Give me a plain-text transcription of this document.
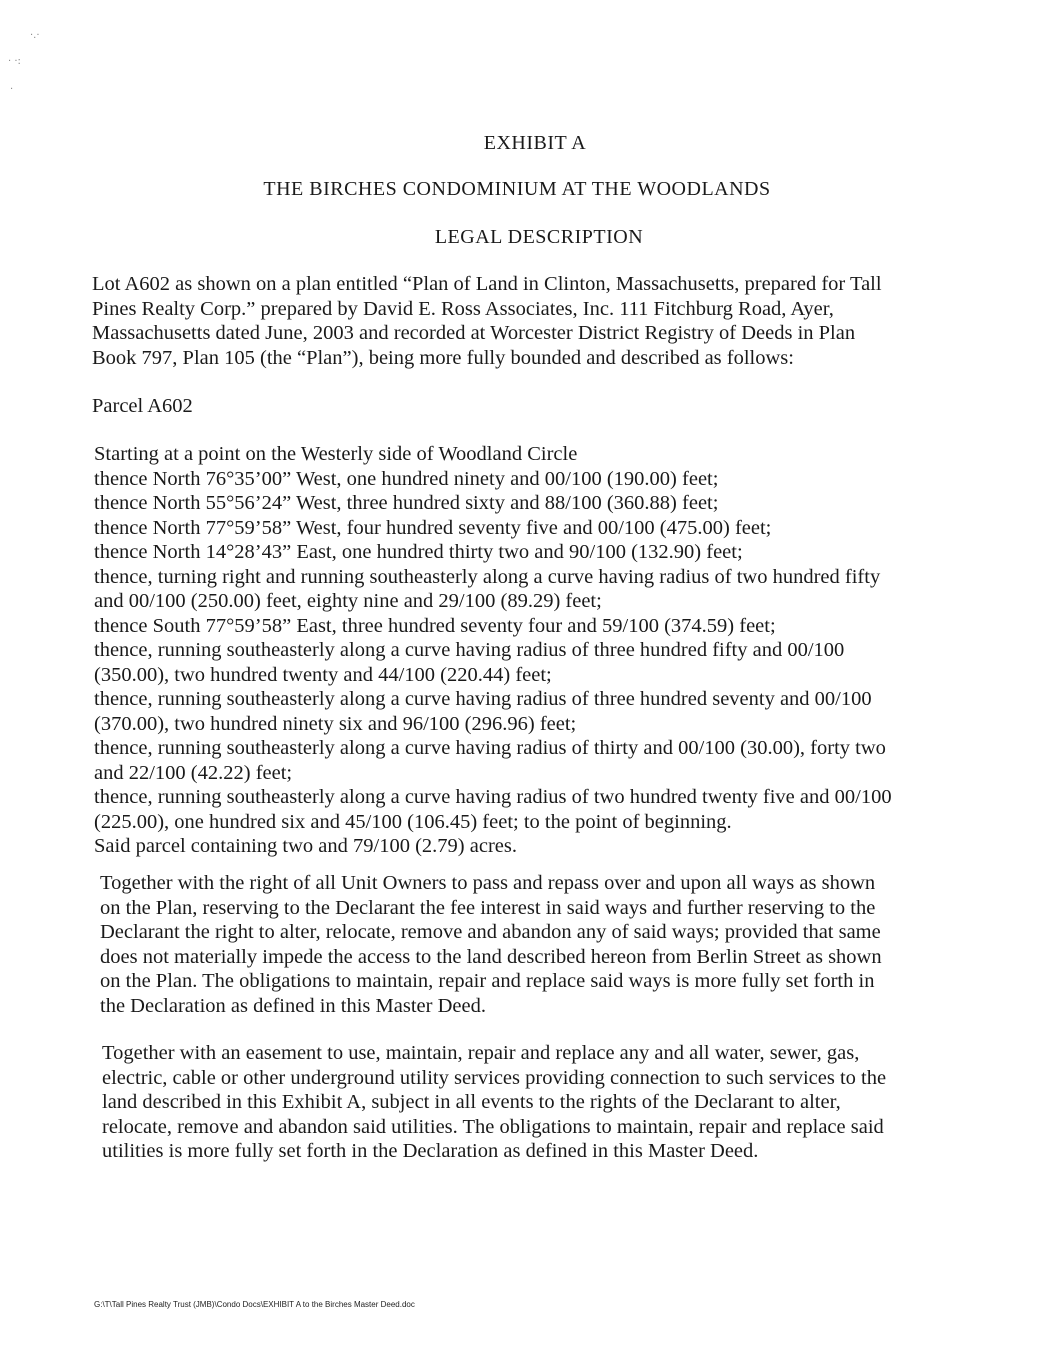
·.·
· ·:
·
EXHIBIT A
THE BIRCHES CONDOMINIUM AT THE WOODLANDS
LEGAL DESCRIPTION
Lot A602 as shown on a plan entitled “Plan of Land in Clinton, Massachusetts, prepared for Tall
Pines Realty Corp.” prepared by David E. Ross Associates, Inc. 111 Fitchburg Road, Ayer,
Massachusetts dated June, 2003 and recorded at Worcester District Registry of Deeds in Plan
Book 797, Plan 105 (the “Plan”), being more fully bounded and described as follows:
Parcel A602
Starting at a point on the Westerly side of Woodland Circle
thence North 76°35’00” West, one hundred ninety and 00/100 (190.00) feet;
thence North 55°56’24” West, three hundred sixty and 88/100 (360.88) feet;
thence North 77°59’58” West, four hundred seventy five and 00/100 (475.00) feet;
thence North 14°28’43” East, one hundred thirty two and 90/100 (132.90) feet;
thence, turning right and running southeasterly along a curve having radius of two hundred fifty
and 00/100 (250.00) feet, eighty nine and 29/100 (89.29) feet;
thence South 77°59’58” East, three hundred seventy four and 59/100 (374.59) feet;
thence, running southeasterly along a curve having radius of three hundred fifty and 00/100
(350.00), two hundred twenty and 44/100 (220.44) feet;
thence, running southeasterly along a curve having radius of three hundred seventy and 00/100
(370.00), two hundred ninety six and 96/100 (296.96) feet;
thence, running southeasterly along a curve having radius of thirty and 00/100 (30.00), forty two
and 22/100 (42.22) feet;
thence, running southeasterly along a curve having radius of two hundred twenty five and 00/100
(225.00), one hundred six and 45/100 (106.45) feet; to the point of beginning.
Said parcel containing two and 79/100 (2.79) acres.
Together with the right of all Unit Owners to pass and repass over and upon all ways as shown
on the Plan, reserving to the Declarant the fee interest in said ways and further reserving to the
Declarant the right to alter, relocate, remove and abandon any of said ways; provided that same
does not materially impede the access to the land described hereon from Berlin Street as shown
on the Plan. The obligations to maintain, repair and replace said ways is more fully set forth in
the Declaration as defined in this Master Deed.
Together with an easement to use, maintain, repair and replace any and all water, sewer, gas,
electric, cable or other underground utility services providing connection to such services to the
land described in this Exhibit A, subject in all events to the rights of the Declarant to alter,
relocate, remove and abandon said utilities. The obligations to maintain, repair and replace said
utilities is more fully set forth in the Declaration as defined in this Master Deed.
G:\T\Tall Pines Realty Trust (JMB)\Condo Docs\EXHIBIT A to the Birches Master Deed.doc
